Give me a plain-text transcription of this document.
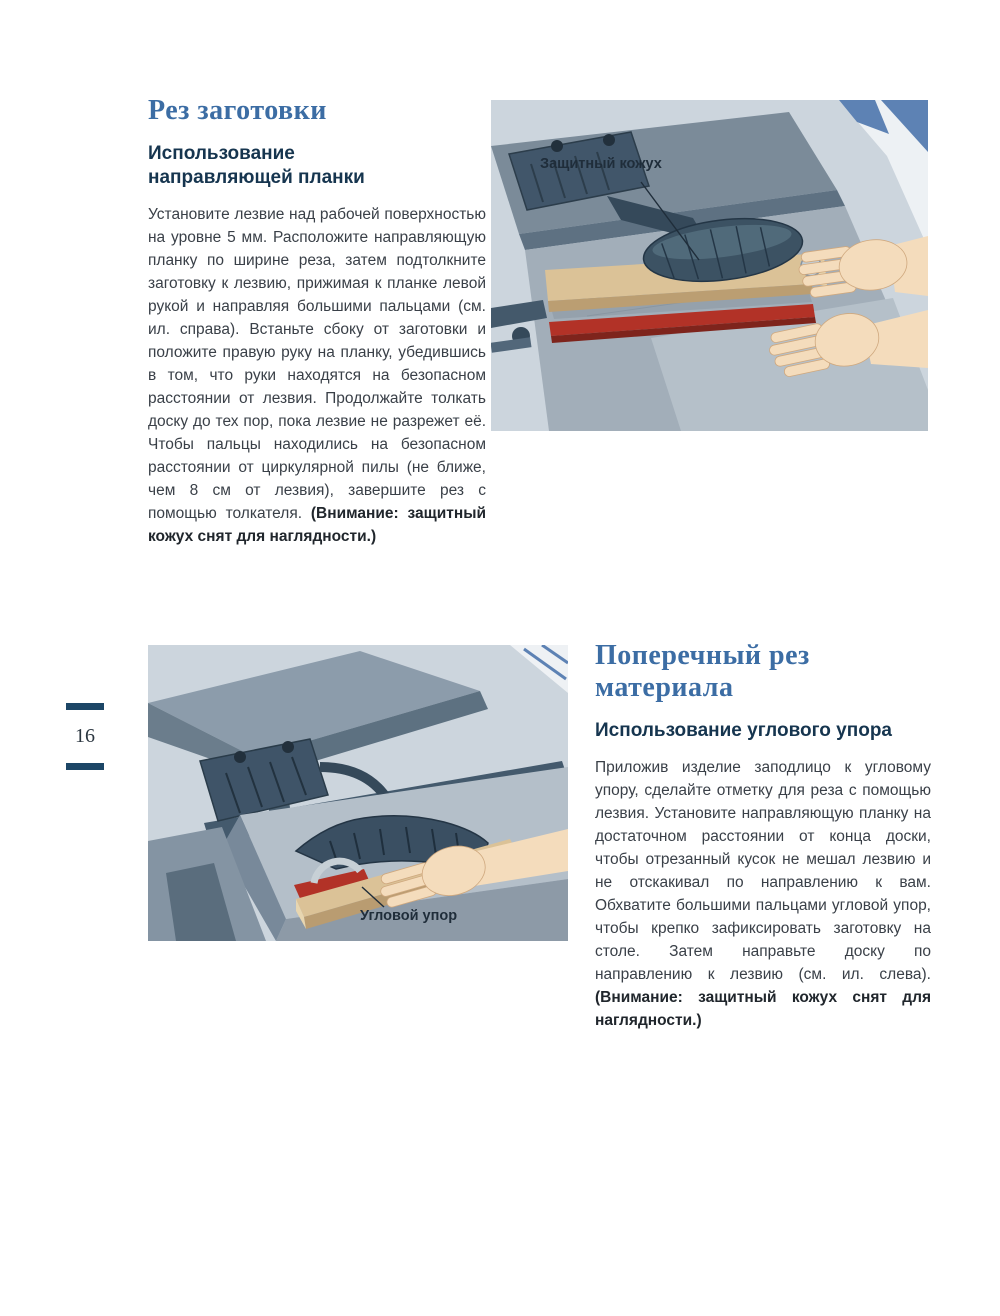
Рез заготовки
Использование направляющей планки

Установите лезвие над рабочей поверхностью на уровне 5 мм. Расположите направляющую планку по ширине реза, затем подтолкните заготовку к лезвию, прижимая к планке левой рукой и направляя большими пальцами (см. ил. справа). Встаньте сбоку от заготовки и положите правую руку на планку, убедившись в том, что руки находятся на безопасном расстоянии от лезвия. Продолжайте толкать доску до тех пор, пока лезвие не разрежет её. Чтобы пальцы находились на безопасном расстоянии от циркулярной пилы (не ближе, чем 8 см от лезвия), завершите рез с помощью толкателя. (Внимание: защитный кожух снят для наглядности.)

Защитный кожух
16
Угловой упор
Поперечный рез материала
Использование углового упора

Приложив изделие заподлицо к угловому упору, сделайте отметку для реза с помощью лезвия. Установите направляющую планку на достаточном расстоянии от конца доски, чтобы отрезанный кусок не мешал лезвию и не отскакивал по направлению к вам. Обхватите большими пальцами угловой упор, чтобы крепко зафиксировать заготовку на столе. Затем направьте доску по направлению к лезвию (см. ил. слева). (Внимание: защитный кожух снят для наглядности.)
